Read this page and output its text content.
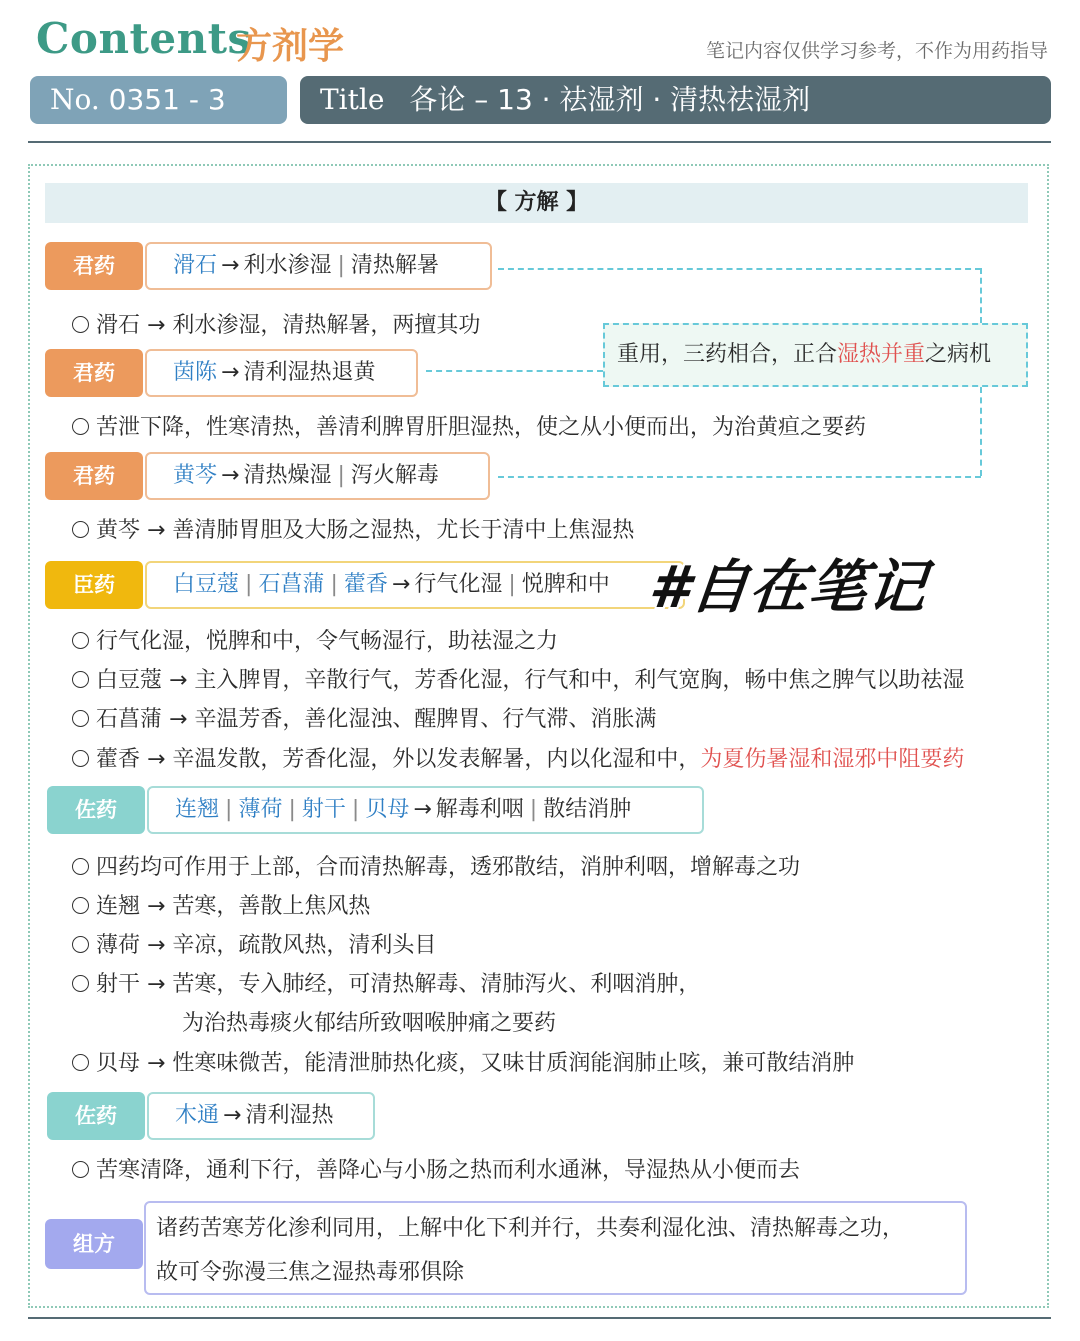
Contents
方剂学	笔记内容仅供学习参考，不作为用药指导
No. 0351 - 3	Title 各论 – 13 · 祛湿剂 · 清热祛湿剂
【 方解 】
君药	滑石 → 利水渗湿 | 清热解暑
滑石 → 利水渗湿，清热解暑，两擅其功
重用，三药相合，正合湿热并重之病机
君药	茵陈 → 清利湿热退黄
苦泄下降，性寒清热，善清利脾胃肝胆湿热，使之从小便而出，为治黄疸之要药
君药	黄芩 → 清热燥湿 | 泻火解毒
黄芩 → 善清肺胃胆及大肠之湿热，尤长于清中上焦湿热
臣药	白豆蔻 | 石菖蒲 | 藿香 → 行气化湿 | 悦脾和中 #自在笔记
行气化湿，悦脾和中，令气畅湿行，助祛湿之力
白豆蔻 → 主入脾胃，辛散行气，芳香化湿，行气和中，利气宽胸，畅中焦之脾气以助祛湿
石菖蒲 → 辛温芳香，善化湿浊、醒脾胃、行气滞、消胀满
藿香 → 辛温发散，芳香化湿，外以发表解暑，内以化湿和中，为夏伤暑湿和湿邪中阻要药
佐药	连翘 | 薄荷 | 射干 | 贝母 → 解毒利咽 | 散结消肿
四药均可作用于上部，合而清热解毒，透邪散结，消肿利咽，增解毒之功
连翘 → 苦寒，善散上焦风热
薄荷 → 辛凉，疏散风热，清利头目
射干 → 苦寒，专入肺经，可清热解毒、清肺泻火、利咽消肿，
为治热毒痰火郁结所致咽喉肿痛之要药
贝母 → 性寒味微苦，能清泄肺热化痰，又味甘质润能润肺止咳，兼可散结消肿
佐药	木通 → 清利湿热
苦寒清降，通利下行，善降心与小肠之热而利水通淋，导湿热从小便而去
组方
诸药苦寒芳化渗利同用，上解中化下利并行，共奏利湿化浊、清热解毒之功，
故可令弥漫三焦之湿热毒邪俱除
